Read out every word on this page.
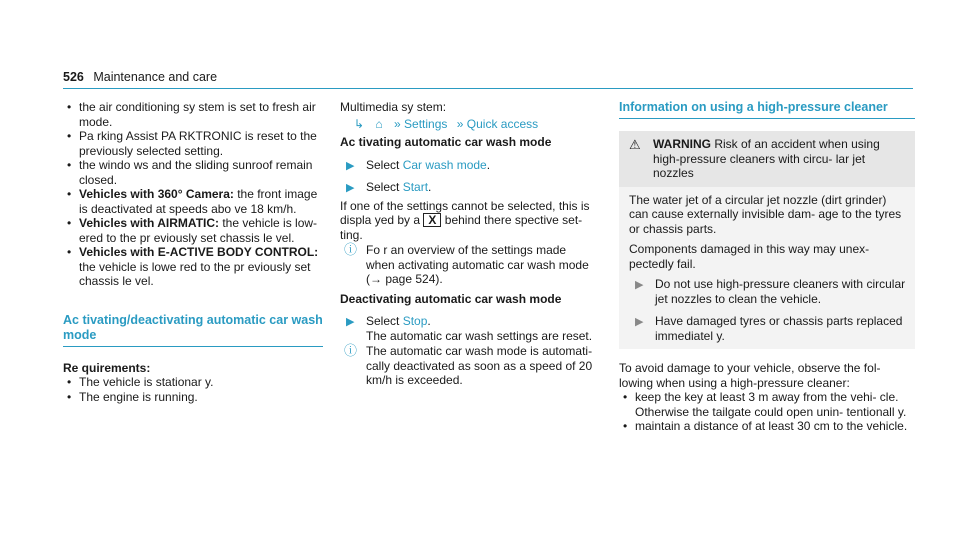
526 Maintenance and care
• the air conditioning sy stem is set to fresh air mode.
• Pa rking Assist PA RKTRONIC is reset to the previously selected setting.
• the windo ws and the sliding sunroof remain closed.
• Vehicles with 360° Camera: the front image is deactivated at speeds abo ve 18 km/h.
• Vehicles with AIRMATIC: the vehicle is low‐ ered to the pr eviously set chassis le vel.
• Vehicles with E-ACTIVE BODY CONTROL: the vehicle is lowe red to the pr eviously set chassis le vel.
Ac tivating/deactivating automatic car wash mode
Re quirements:
• The vehicle is stationar y.
• The engine is running.
Multimedia sy stem:
↳ ⌂ » Settings » Quick access
Ac tivating automatic car wash mode
▶ Select Car wash mode.
▶ Select Start.
If one of the settings cannot be selected, this is displa yed by a X behind there spective set‐ ting.
ⓘ Fo r an overview of the settings made when activating automatic car wash mode
(→ page 524).
Deactivating automatic car wash mode
▶ Select Stop.
The automatic car wash settings are reset.
ⓘ The automatic car wash mode is automati‐ cally deactivated as soon as a speed of 20 km/h is exceeded.
Information on using a high-pressure cleaner
⚠ WARNING Risk of an accident when using high-pressure cleaners with circu‐ lar jet nozzles

The water jet of a circular jet nozzle (dirt grinder) can cause externally invisible dam‐ age to the tyres or chassis parts.

Components damaged in this way may unex‐ pectedly fail.

▶ Do not use high-pressure cleaners with circular jet nozzles to clean the vehicle.
▶ Have damaged tyres or chassis parts replaced immediatel y.
To avoid damage to your vehicle, observe the fol‐ lowing when using a high-pressure cleaner:
• keep the key at least 3 m away from the vehi‐ cle. Otherwise the tailgate could open unin‐ tentionall y.
• maintain a distance of at least 30 cm to the vehicle.
